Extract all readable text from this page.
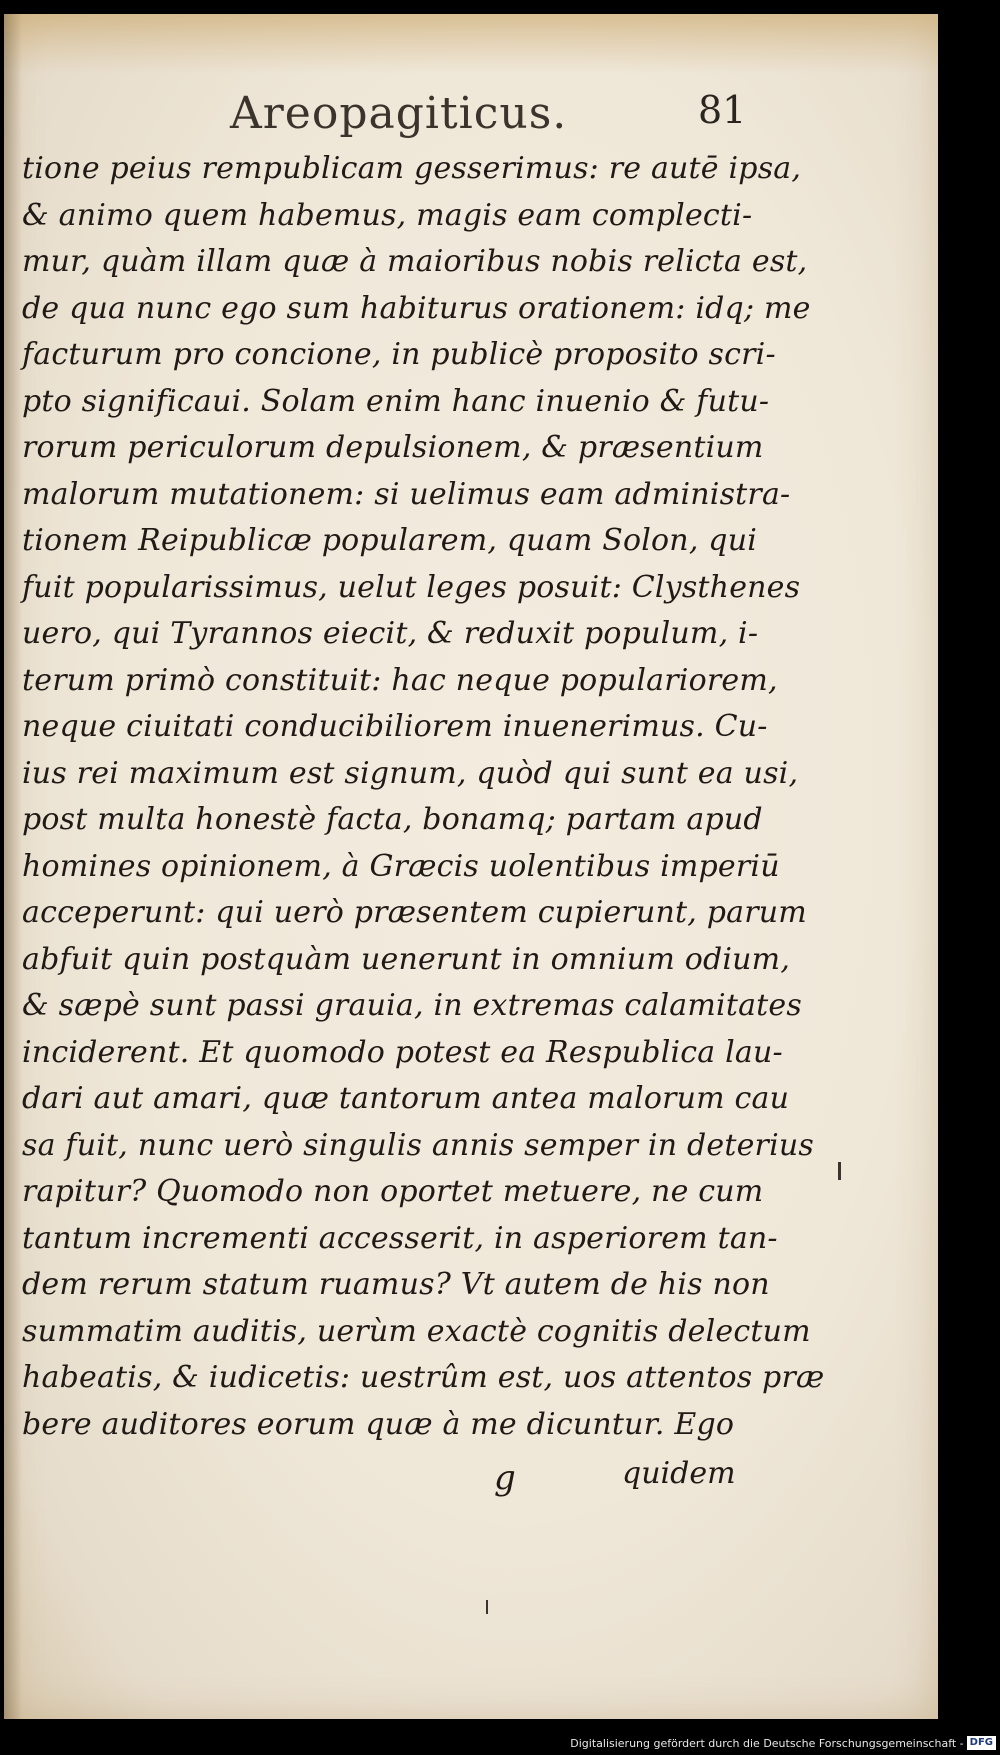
Areopagiticus.	81
tione peius rempublicam gesserimus: re autē ipsa,
& animo quem habemus, magis eam complecti-
mur, quàm illam quæ à maioribus nobis relicta est,
de qua nunc ego sum habiturus orationem: idq; me
facturum pro concione, in publicè proposito scri-
pto significaui. Solam enim hanc inuenio & futu-
rorum periculorum depulsionem, & præsentium
malorum mutationem: si uelimus eam administra-
tionem Reipublicæ popularem, quam Solon, qui
fuit popularissimus, uelut leges posuit: Clysthenes
uero, qui Tyrannos eiecit, & reduxit populum, i-
terum primò constituit: hac neque populariorem,
neque ciuitati conducibiliorem inuenerimus. Cu-
ius rei maximum est signum, quòd qui sunt ea usi,
post multa honestè facta, bonamq; partam apud
homines opinionem, à Græcis uolentibus imperiū
acceperunt: qui uerò præsentem cupierunt, parum
abfuit quin postquàm uenerunt in omnium odium,
& sæpè sunt passi grauia, in extremas calamitates
inciderent. Et quomodo potest ea Respublica lau-
dari aut amari, quæ tantorum antea malorum cau
sa fuit, nunc uerò singulis annis semper in deterius
rapitur? Quomodo non oportet metuere, ne cum
tantum incrementi accesserit, in asperiorem tan-
dem rerum statum ruamus? Vt autem de his non
summatim auditis, uerùm exactè cognitis delectum
habeatis, & iudicetis: uestrûm est, uos attentos præ
bere auditores eorum quæ à me dicuntur. Ego
g	quidem
Digitalisierung gefördert durch die Deutsche Forschungsgemeinschaft - DFG
